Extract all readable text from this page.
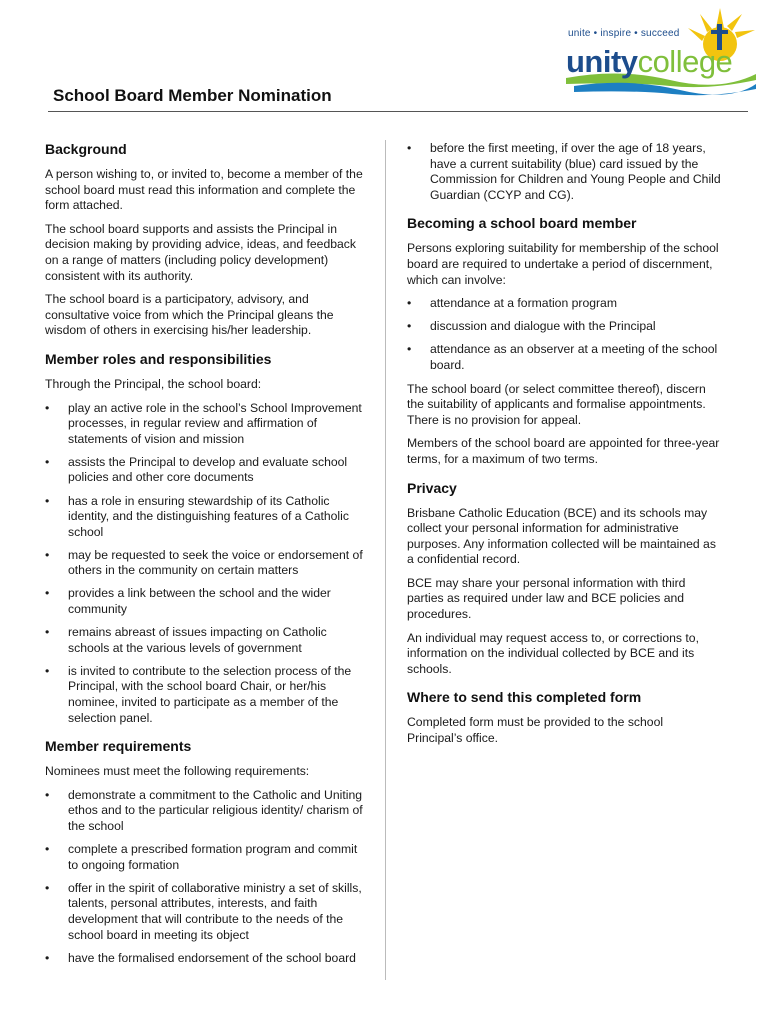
unite • inspire • succeed
unitycollege
School Board Member Nomination
Background

A person wishing to, or invited to, become a member of the school board must read this information and complete the form attached.

The school board supports and assists the Principal in decision making by providing advice, ideas, and feedback on a range of matters (including policy development) consistent with its authority.

The school board is a participatory, advisory, and consultative voice from which the Principal gleans the wisdom of others in exercising his/her leadership.

Member roles and responsibilities

Through the Principal, the school board:

• play an active role in the school’s School Improvement processes, in regular review and affirmation of statements of vision and mission
• assists the Principal to develop and evaluate school policies and other core documents
• has a role in ensuring stewardship of its Catholic identity, and the distinguishing features of a Catholic school
• may be requested to seek the voice or endorsement of others in the community on certain matters
• provides a link between the school and the wider community
• remains abreast of issues impacting on Catholic schools at the various levels of government
• is invited to contribute to the selection process of the Principal, with the school board Chair, or her/his nominee, invited to participate as a member of the selection panel.
Member requirements

Nominees must meet the following requirements:

• demonstrate a commitment to the Catholic and Uniting ethos and to the particular religious identity/ charism of the school
• complete a prescribed formation program and commit to ongoing formation
• offer in the spirit of collaborative ministry a set of skills, talents, personal attributes, interests, and faith development that will contribute to the needs of the school board in meeting its object
• have the formalised endorsement of the school board
• before the first meeting, if over the age of 18 years, have a current suitability (blue) card issued by the Commission for Children and Young People and Child Guardian (CCYP and CG).
Becoming a school board member

Persons exploring suitability for membership of the school board are required to undertake a period of discernment, which can involve:

• attendance at a formation program
• discussion and dialogue with the Principal
• attendance as an observer at a meeting of the school board.

The school board (or select committee thereof), discern the suitability of applicants and formalise appointments. There is no provision for appeal.

Members of the school board are appointed for three-year terms, for a maximum of two terms.

Privacy

Brisbane Catholic Education (BCE) and its schools may collect your personal information for administrative purposes. Any information collected will be maintained as a confidential record.

BCE may share your personal information with third parties as required under law and BCE policies and procedures.

An individual may request access to, or corrections to, information on the individual collected by BCE and its schools.

Where to send this completed form

Completed form must be provided to the school Principal’s office.
